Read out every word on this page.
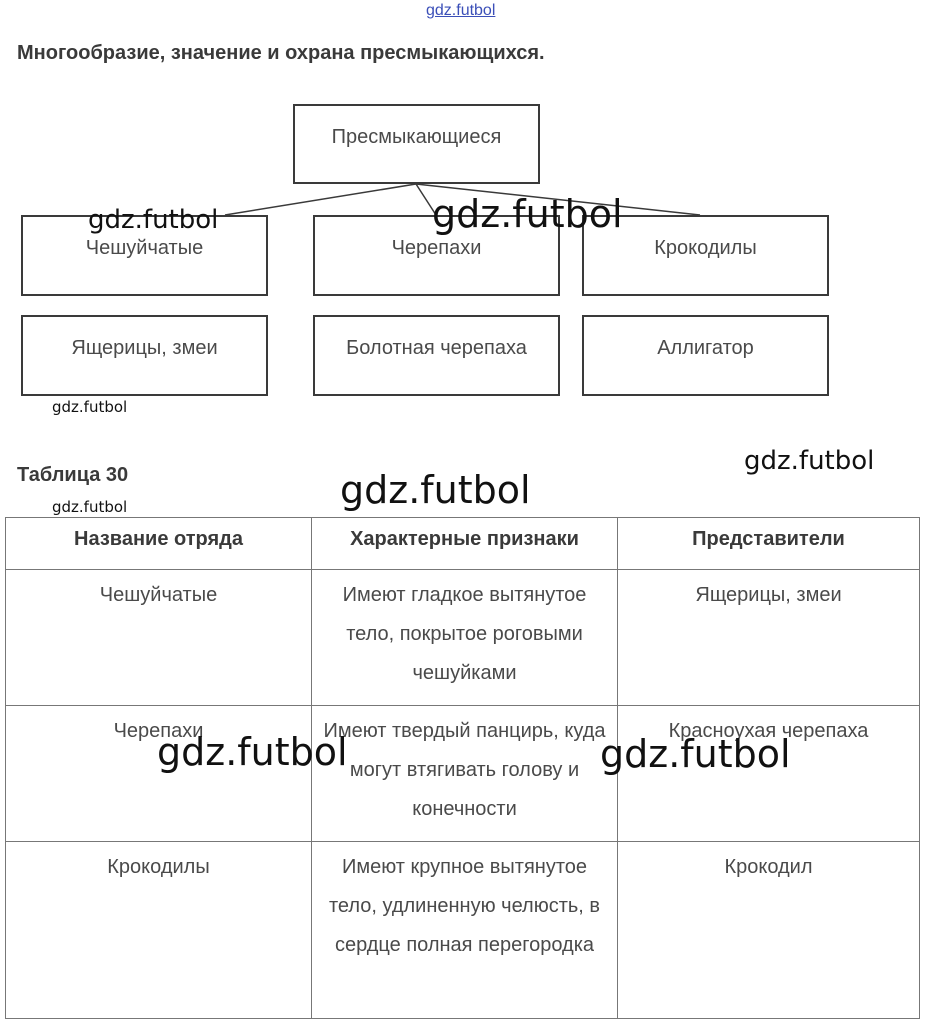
gdz.futbol
Многообразие, значение и охрана пресмыкающихся.
Пресмыкающиеся
Чешуйчатые	Черепахи	Крокодилы
Ящерицы, змеи	Болотная черепаха	Аллигатор
Таблица 30
Название отряда	Характерные признаки	Представители
Чешуйчатые	Имеют гладкое вытянутое тело, покрытое роговыми чешуйками	Ящерицы, змеи
Черепахи	Имеют твердый панцирь, куда могут втягивать голову и конечности	Красноухая черепаха
Крокодилы	Имеют крупное вытянутое тело, удлиненную челюсть, в сердце полная перегородка	Крокодил
gdz.futbol	gdz.futbol
gdz.futbol
gdz.futbol
gdz.futbol
gdz.futbol
gdz.futbol	gdz.futbol
